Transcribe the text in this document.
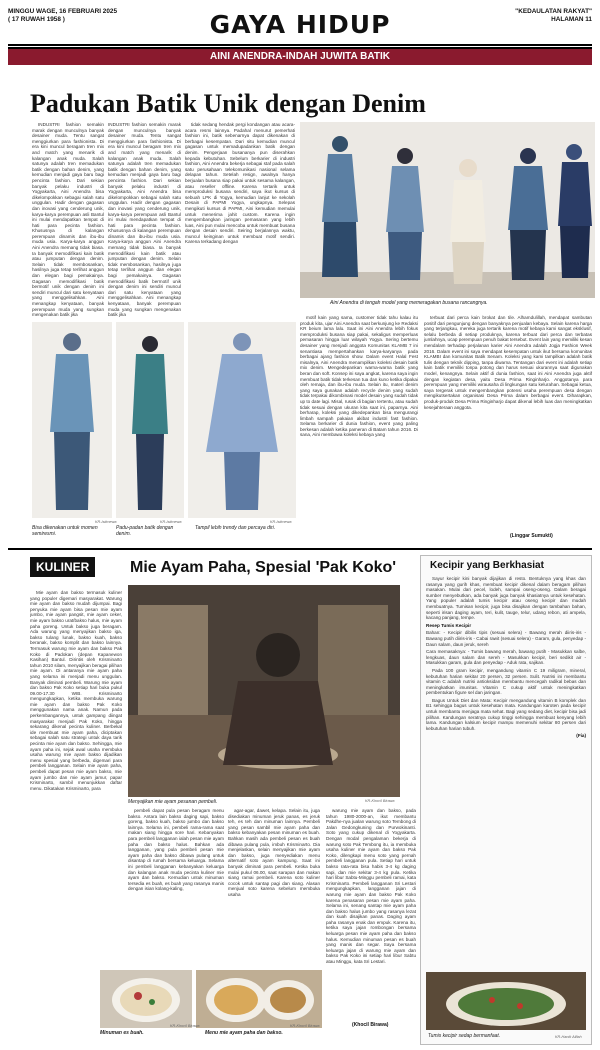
MINGGU WAGE, 16 FEBRUARI 2025
( 17 RUWAH 1958 )	GAYA HIDUP	"KEDAULATAN RAKYAT"
HALAMAN 11
AINI ANENDRA-INDAH JUWITA BATIK
Padukan Batik Unik dengan Denim

INDUSTRI fashion semakin marak dengan munculnya banyak desainer muda. Tentu sangat menggiurkan para fashionista. Di era kini muncul beragam tren mix and match yang menarik di kalangan anak muda. Salah satunya adalah tren memadukan batik dengan bahan denim, yang kemudian menjadi gaya baru bagi pencinta fashion. Dari sekian banyak pelaku industri di Yogyakarta, Aini Anendra bisa dikelompokkan sebagai salah satu unggulan. Hadir dengan gagasan dan inovasi yang cenderung unik, karya-karya perempuan asli Bantul ini mulai mendapatkan tempat di hati para pecinta fashion. Khususnya di kalangan perempuan dinamis dan ibu-ibu muda usia. Karya-karya anggun Aini Anendra memang tidak biasa. Ia banyak memodifikasi kain batik atau jumputan dengan denim. Selain tidak membosankan, hasilnya juga tetap terlihat anggun dan elegan bagi pemakainya. Gagasan memodifikasi batik bermotif unik dengan denim ini sendiri muncul dari satu kenyataan yang menggelisahkan. Aini menangkap kenyataan, banyak perempuan muda yang sungkan mengenakan batik jika

INDUSTRI fashion semakin marak dengan munculnya banyak desainer muda. Tentu sangat menggiurkan para fashionista. Di era kini muncul beragam tren mix and match yang menarik di kalangan anak muda. Salah satunya adalah tren memadukan batik dengan bahan denim, yang kemudian menjadi gaya baru bagi pencinta fashion. Dari sekian banyak pelaku industri di Yogyakarta, Aini Anendra bisa dikelompokkan sebagai salah satu unggulan. Hadir dengan gagasan dan inovasi yang cenderung unik, karya-karya perempuan asli Bantul ini mulai mendapatkan tempat di hati para pecinta fashion. Khususnya di kalangan perempuan dinamis dan ibu-ibu muda usia. Karya-karya anggun Aini Anendra memang tidak biasa. Ia banyak memodifikasi kain batik atau jumputan dengan denim. Selain tidak membosankan, hasilnya juga tetap terlihat anggun dan elegan bagi pemakainya. Gagasan memodifikasi batik bermotif unik dengan denim ini sendiri muncul dari satu kenyataan yang menggelisahkan. Aini menangkap kenyataan, banyak perempuan muda yang sungkan mengenakan batik jika

tidak sedang hendak pergi kondangan atau acara-acara resmi lainnya. Padahal menurut pemerhati fashion ini, batik sebenarnya dapat dikenakan di berbagai kesempatan. Dari situ kemudian muncul gagasan untuk memadupadankan batik dengan denim. Pengerjaan busananya pun diserahkan kepada kebutuhan. Sebelum berkarier di industri fashion, Aini Anendra bekerja sebagai staf pada salah satu perusahaan telekomunikasi nasional selama delapan tahun. Setelah resign, awalnya hanya berjualan busana siap pakai untuk sesama kalangan, atau reseller offline. Karena tertarik untuk memproduksi busana sendiri, saya ikut kursus di sebuah LPK di Yogya, kemudian lanjut ke sekolah Desain di PAPMI Yogya, ungkapnya. Selepas mengikuti kursus di PAPMI, Aini kemudian memulai untuk menerima jahit custom. Karena ingin mengembangkan jaringan pemasaran yang lebih luas, Aini pun mulai mencoba untuk membuat busana dengan desain sendiri. Seiring berjalannya waktu, muncul keinginan untuk membuat motif sendiri. Karena terkadang dengan

Aini Anendra di tengah model yang memeragakan busana rancangnya.
KR-Istimewa	KR-Istimewa	KR-Istimewa
Bisa dikenakan untuk momen semiresmi.
Padu-padan batik dengan denim.
Tampil lebih trendy dan percaya diri.

motif kain yang sama, customer tidak tahu kalau itu produk kita, ujar Aini Anendra saat berkunjung ke Redaksi KR beium lama lalu. Saat ini Aini Anendra lebih fokus memproduksi busana siap pakai, sekaligus memperluas pemasaran hingga luar wilayah Yogya. Sering bertemu desainer yang menjadi anggota Komunitas KLAMB 7 ini senantiasa mempertahankan karya-karyanya pada berbagai ajang fashion show. Dalam event Halal Fest misalnya, Aini Anendra menampilkan koleksi desain batik mix denim. Mengedepankan warna-warna batik yang beran dan soft. Konsep ini saya angkat, karena saya ingin membuat batik tidak terkesan tua dan kuno ketika dipakai oleh remaja, dan ibu-ibu muda. Selain itu, materi denim yang saya gunakan adalah recycle denim yang sudah tidak terpakai dikombinasi model desain yang sudah tidak up to date lagi. Misal, rusak di bagian tertentu, atau sudah tidak sesuai dengan ukuran kita saat ini, paparnya. Aini berharap, koleksi yang dikedepankan bisa mengurangi limbah sampah pakaian akibat industri fast fashion. Selama berkarier di dunia fashion, event yang paling berkesan adalah ketika pameran di Batam tahun 2016. Di sana, Aini membawa koleksi kebaya yang

terbuat dari perca kain brokat dan tile. Alhamdulillah, mendapat sambutan positif dari pengunjung dengan banyaknya penjualan kebaya. Selain karena harga yang terjangkau, mereka juga tertarik karena motif kebaya kami sangat eksklusif, selalu berbeda di setiap produknya, karena terbuat dari perca dan terbatas jumlahnya, ucap perempuan penuh bakat tersebut. Event lain yang memiliki kesan mendalam terhadap perjalanan karier Aini Anendra adalah Jogja Fashion Week 2016. Dalam event ini saya mendapat kesempatan untuk ikut bersama komunitas KLAMBI dan komunitas Batik Senam. Koleksi yang kami tampilkan adalah batik tulis dengan teknik dipping, tanpa diwarna. Tentangan dari event ini adalah setiap kain batik memiliki tonpa potong dan harus sesuai ukurannya saat digunakan model, kenangnya. Selain aktif di dunia fashion, saat ini Aini Anendra juga aktif dengan kegiatan desa, yaitu Desa Prima Ringinharjo. Anggotanya para perempuan yang memiliki wirausaha di lingkungan satu kelurahan. Sebagai ketua, saya tergerak untuk mengembangkan potensi usaha perempuan desa dengan mengikutsertakan organisasi Desa Prima dalam berbagai event. Diharapkan, produk-produk Desa Prima Ringinharjo dapat dikenal lebih luas dan meningkatkan kesejahteraan anggota.

(Linggar Sumukti)
KULINER	Mie Ayam Paha, Spesial 'Pak Koko'

Mie ayam dan bakso termasuk kuliner yang populer digemari masyarakat. Warung mie ayam dan bakso mudah dijumpai. Bagi penyuka mie ayam bisa pesan mie ayam jumbo, mie ayam pangsit, mie ayam ceker, mie ayam bakso urat/bakso halus, mie ayam paha goreng. Untuk bakso juga beragam. Ada warung yang menyajikan bakso iga, bakso tulang lunak, bakso kuah, bakso beranak, bakso komplit dan bakso lainnya. Termasuk warung mie ayam dan bakso Pak Koko di Padokan (depan Kapanewon Kasihan) Bantul. Dirintis oleh Krisminarto tahun 2010 silam, menyajikan beragai pilihan mie ayam. Di antaranya mie ayam paha yang selama ini menjadi menu unggulan. Banyak diminati pembeli. Warung mie ayam dan bakso Pak Koko setiap hari buka pukul 09.00-17.30 WIB. Krisminarto mengungkapkan, ketika membuka warung mie ayam dan bakso Pak Koko menggunakan nama anak. Namun pada perkembangannya, untuk gampang diingat masyarakat menjadi Pak Koko, hingga sekarang dikenal pecinta kuliner. Berbekal ide membuat mie ayam paha, diciptakan sebagai salah satu strategi untuk daya tarik pecinta mie ayam dan bakso. Sehingga, mie ayam paha ini, sejak awal usaha membuka usaha warung mie ayam bakso dijadikan menu spesial yang berbeda, digemari para pembeli langganan. Selain mie ayam paha, pembeli dapat pesan mie ayam bakso, mie ayam jumbo dan mie ayam jamur, papar Krisminarto, sambil menunjukkan daftar menu. Dikatakan Krisminarto, para

Menyajikan mie ayam pesanan pembeli.	KR-Khocil Birawa

pembeli dapat pula pesan beragam menu bakso. Antara lain bakso daging sapi, bakso goreng, bakso kuah, bakso jumbo dan bakso lainnya. Selama ini, pembeli rama-rama saat makan siang hingga sore hari. Kebanyakan para pembeli langganan ialah pesan mie ayam paha dan bakso halus. Bahkan ada langganan, yang pula pembeli pesan mie ayam paha dan bakso dibawa pulang untuk disantap di rumah bersama keluarga. Selama ini pembeli langganan kebanyakan keluarga dan kalangan anak muda pecinta kuliner mie ayam dan bakso. Kemudian untuk minuman tersedia es buah, es buah yang rasanya manis dengan isian kolang-kaling,

agar-agar, dawet, kelapa. Selain itu, juga disediakan minuman jeruk panas, es jeruk teh, es teh dan minuman lainnya. Pembeli yang pesan sambil mie ayam paha dan bakso kebanyakan pesan minuman es buah. Bahkan masih ada pembeli pesan es buah dibawa pulang pula, imbuh Krisminarto. Dia menjelaskan, selain menyajikan mie ayam dan bakso, juga menyediakan menu alternatif soto ayam kampung. Saat ini banyak diminati para pembeli. Ketika buka mulai pukul 06.00, saat sarapan dan makan siang ramai pembeli. Karena soto kuliner cocok untuk santap pagi dan siang. Alasan menjual soto karena sebelum membuka usaha

warung mie ayam dan bakso, pada tahun 1980-2000-an, ikut membantu Pakdhe-nya jualan warung soto Tembong di Jalan Gedongkuning dan Purwokinanti. Soto yang cukup dikenal di Yogyakarta. Dengan modal pengalaman bekerja di warung soto Pak Tembong itu, ia membuka usaha kuliner mie ayam dan bakso Pak Koko, dilengkapi menu soto yang pernah pembeli langganan pula. Setiap hari untuk bakso rata-rata bisa habis 3-4 kg daging sapi, dan mie sekitar 3-4 kg pula. Ketika hari libur Sabtu-Minggu pembeli ramai, kata Krisminarto. Pembeli langganan Sri Lestari mengungkapkan, langganan jajan di warung mie ayam dan bakso Pak Koko karena penasaran pesan mie ayam paha. Selama ini, senang santap mie ayam paha dan bakso halus jumbo yang rasanya lezat dan kuah disajikan panas. Daging ayam paha rasanya enak dan empuk. Karena itu, ketika saya jajan rombongan bersama keluarga pesan mie ayam paha dan bakso halus. Kemudian minuman pesan es buah yang manis dan segar. Saya bersama keluarga jajan di warung mie ayam dan bakso Pak Koko ini setiap hari libur Sabtu atau Minggu, kata Sri Lestari.

(Khocil Birawa)
Minuman es buah.	Menu mie ayam paha dan bakso.
KR-Khocil Birawa	KR-Khocil Birawa
Kecipir yang Berkhasiat

Sayur kecipir kini banyak dijajikan di resto. Bentuknya yang khas dan rasanya yang gurih khas, membuat kecipir dikenal dalam beragam pilihan masakan. Mulai dari pecel, lodeh, sampai oseng-oseng. Dalam beragai sumber menyebutkan, ada banyak juga banyak khasiatnya untuk kesehatan. Yang populer adalah tumis kecipir atau oseng kecipir dan mudah membuatnya. Tumisan kecipir, juga bisa disajikan dengan tambahan bahan, seperti irisan daging ayam, teri, kulit, tauge, telur, udang rebon, ati ampela, kacang panjang, tempe.

Resep Tumis Kecipir

Bahan: - Kecipir dibilis tipis (sesuai selera) - Bawang merah diiris-iris - Bawang putih diiris-iris - Cabai rawit (sesuai selera) - Garam, gula, penyedap - Daun salam, daun jeruk, sereh

Cara memasaknya: - Tumis bawang merah, bawang putih - Masukkan salbe, lengkuas, daun salam dan sereh - Masukkan kecipir, beri sedikit air - Masukkan garam, gula dan penyedap - Aduk rata, sajikan.

Pada 100 gram kecipir, mengandung vitamin C 19 miligram, mineral, kebutuhan harian sekitar 20 persen, 32 persen. Sulit. Nutrisi ini membantu vitamin C adalah nutrisi antioksidan membantu mencegah radikal bebas dan meningkatkan imunitas. Vitamin C cukup aktif untuk meningkatkan pembentukan figure sel dan jaringan.

Bagus Untuk Diet dan Mata: Kecipir mengandung vitamin B komplek dan B1 sehingga bagus untuk kesehatan mata. Kandungan karoten pada kecipir untuk membantu menjaga mata sehat. Bagi yang sedang diet, kecipir bisa jadi pilihan. Kandungan seratnya cukup tinggi sehingga membuat kenyang lebih lama. Kandungan kalsium kecipir mampu memenuhi sekitar 80 persen dari kebutuhan harian tubuh.

(Fia)

Tumis kecipir sedap bermanfaat.	KR-Hanik Alfiah
